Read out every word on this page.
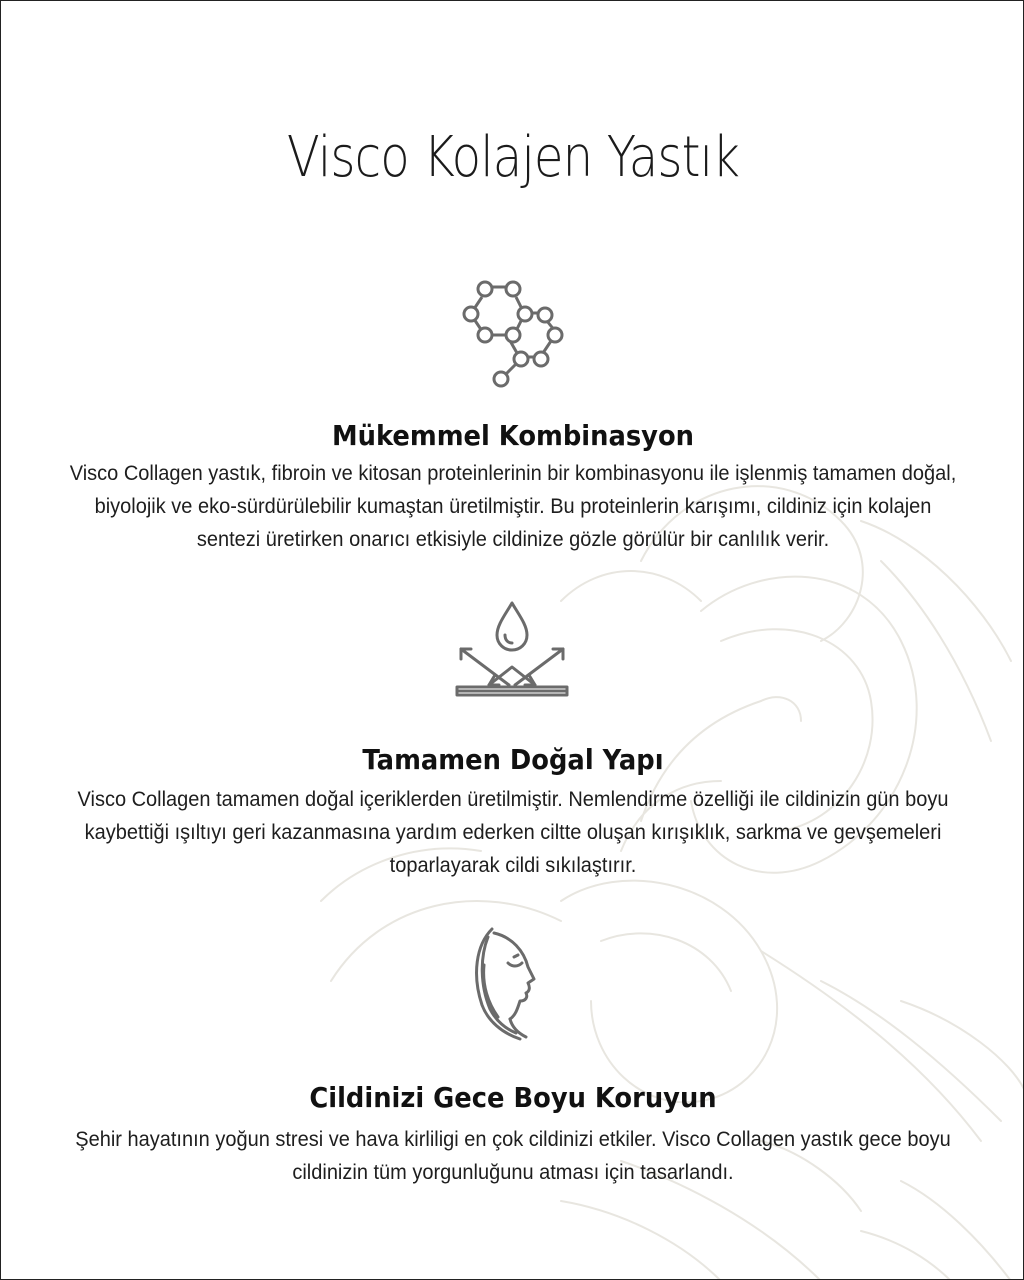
Visco Kolajen Yastık
Mükemmel Kombinasyon

Visco Collagen yastık, fibroin ve kitosan proteinlerinin bir kombinasyonu ile işlenmiş tamamen doğal, biyolojik ve eko-sürdürülebilir kumaştan üretilmiştir. Bu proteinlerin karışımı, cildiniz için kolajen sentezi üretirken onarıcı etkisiyle cildinize gözle görülür bir canlılık verir.

Tamamen Doğal Yapı

Visco Collagen tamamen doğal içeriklerden üretilmiştir. Nemlendirme özelliği ile cildinizin gün boyu kaybettiği ışıltıyı geri kazanmasına yardım ederken ciltte oluşan kırışıklık, sarkma ve gevşemeleri toparlayarak cildi sıkılaştırır.

Cildinizi Gece Boyu Koruyun

Şehir hayatının yoğun stresi ve hava kirliligi en çok cildinizi etkiler. Visco Collagen yastık gece boyu cildinizin tüm yorgunluğunu atması için tasarlandı.
